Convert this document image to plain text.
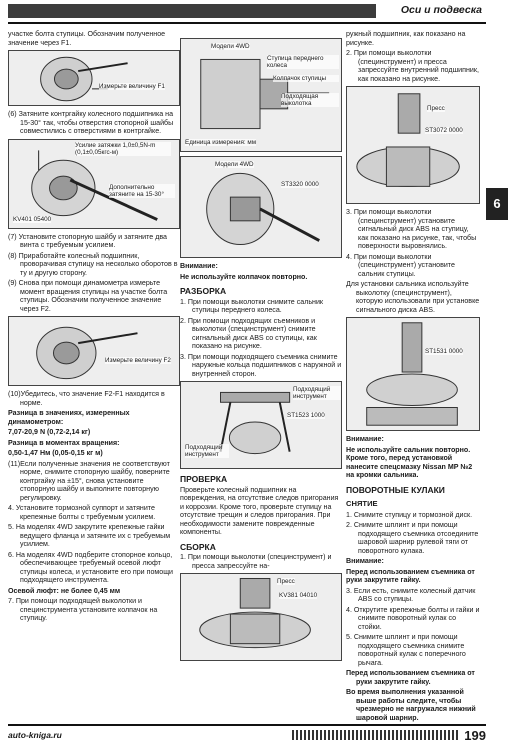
Оси и подвеска
6

участке болта ступицы. Обозначим полученное значение через F1.

Измерьте величину F1

(6) Затяните контргайку колесного подшипника на 15-30° так, чтобы отверстия стопорной шайбы совместились с отверстиями в контргайке.

Усилие затяжки 1,0±0,5N-m (0,1±0,05кгс-м)
Дополнительно затяните на 15-30°
KV401 05400

(7) Установите стопорную шайбу и затяните два винта с требуемым усилием.

(8) Приработайте колесный подшипник, проворачивая ступицу на несколько оборотов в ту и другую сторону.

(9) Снова при помощи динамометра измерьте момент вращения ступицы на участке болта ступицы. Обозначим полученное значение через F2.

Измерьте величину F2

(10)Убедитесь, что значение F2-F1 находится в норме.

Разница в значениях, измеренных динамометром:

7,07-20,9 N (0,72-2,14 кг)

Разница в моментах вращения:

0,50-1,47 Нм (0,05-0,15 кг м)

(11)Если полученные значения не соответствуют норме, снимите стопорную шайбу, поверните контргайку на ±15°, снова установите стопорную шайбу и выполните повторную регулировку.

4. Установите тормозной суппорт и затяните крепежные болты с требуемым усилием.

5. На моделях 4WD закрутите крепежные гайки ведущего фланца и затяните их с требуемым усилием.

6. На моделях 4WD подберите стопорное кольцо, обеспечивающее требуемый осевой люфт ступицы колеса, и установите его при помощи подходящего инструмента.

Осевой люфт: не более 0,45 мм

7. При помощи подходящей выколотки и специнструмента установите колпачок на ступицу.

Модели 4WD
Ступица переднего колеса
Колпачок ступицы
Подходящая выколотка
Единица измерения: мм
Модели 4WD
ST3320 0000

Внимание:

Не используйте колпачок повторно.

РАЗБОРКА

1. При помощи выколотки снимите сальник ступицы переднего колеса.

2. При помощи подходящих съемников и выколотки (специнструмент) снимите сигнальный диск ABS со ступицы, как показано на рисунке.

3. При помощи подходящего съемника снимите наружные кольца подшипников с наружной и внутренней сторон.

Подходящий инструмент
ST1523 1000
Подходящий инструмент

ПРОВЕРКА

Проверьте колесный подшипник на повреждения, на отсутствие следов пригорания и коррозии. Кроме того, проверьте ступицу на отсутствие трещин и следов пригорания. При необходимости замените поврежденные компоненты.

СБОРКА

1. При помощи выколотки (специнструмент) и пресса запрессуйте на-

Пресс
KV381 04010

ружный подшипник, как показано на рисунке.

2. При помощи выколотки (специнструмент) и пресса запрессуйте внутренний подшипник, как показано на рисунке.

Пресс
ST3072 0000

3. При помощи выколотки (специнструмент) установите сигнальный диск ABS на ступицу, как показано на рисунке, так, чтобы поверхности выровнялись.

4. При помощи выколотки (специнструмент) установите сальник ступицы.

Для установки сальника используйте выколотку (специнструмент), которую использовали при установке сигнального диска ABS.

ST1531 0000

Внимание:

Не используйте сальник повторно. Кроме того, перед установкой нанесите спецсмазку Nissan MP №2 на кромки сальника.

ПОВОРОТНЫЕ КУЛАКИ

СНЯТИЕ

1. Снимите ступицу и тормозной диск.

2. Снимите шплинт и при помощи подходящего съемника отсоедините шаровой шарнир рулевой тяги от поворотного кулака.

Внимание:

Перед использованием съемника от руки закрутите гайку.

3. Если есть, снимите колесный датчик ABS со ступицы.

4. Открутите крепежные болты и гайки и снимите поворотный кулак со стойки.

5. Снимите шплинт и при помощи подходящего съемника снимите поворотный кулак с поперечного рычага.

Перед использованием съемника от руки закрутите гайку.

Во время выполнения указанной выше работы следите, чтобы чрезмерно не нагружался нижний шаровой шарнир.

auto-kniga.ru	199
